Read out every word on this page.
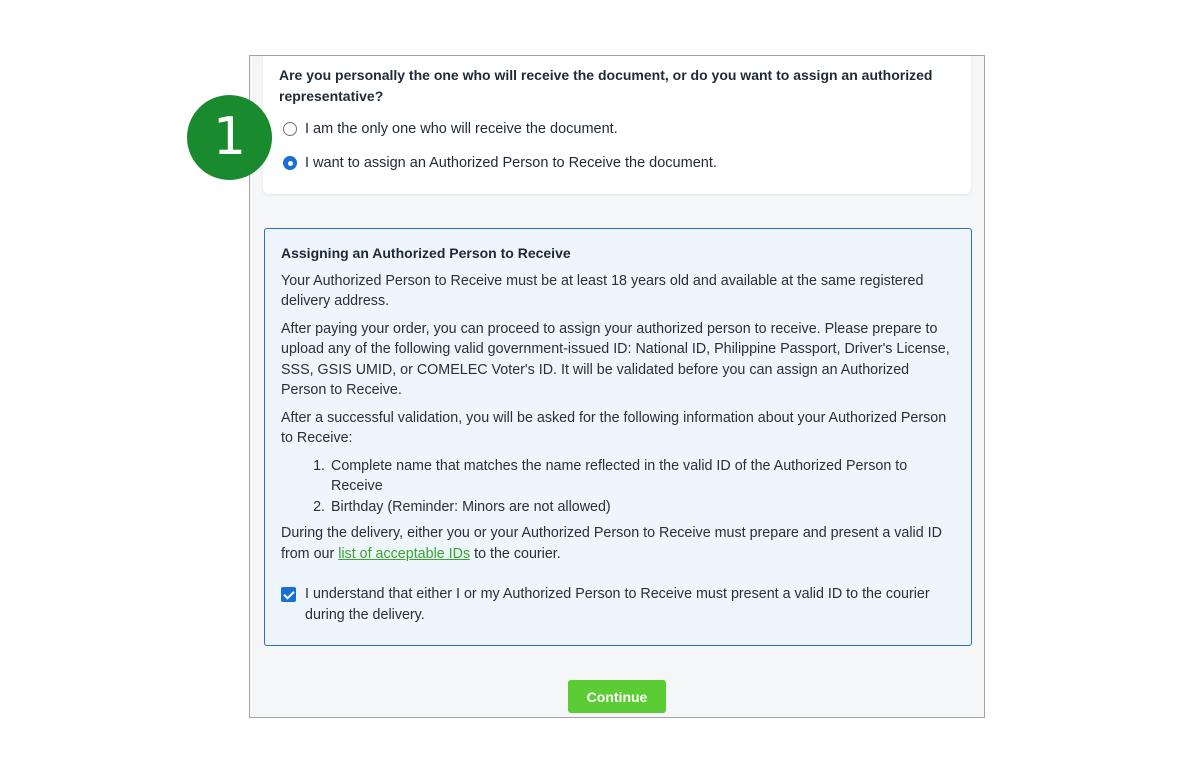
Are you personally the one who will receive the document, or do you want to assign an authorized representative?

I am the only one who will receive the document.
I want to assign an Authorized Person to Receive the document.

Assigning an Authorized Person to Receive

Your Authorized Person to Receive must be at least 18 years old and available at the same registered delivery address.

After paying your order, you can proceed to assign your authorized person to receive. Please prepare to upload any of the following valid government-issued ID: National ID, Philippine Passport, Driver's License, SSS, GSIS UMID, or COMELEC Voter's ID. It will be validated before you can assign an Authorized Person to Receive.

After a successful validation, you will be asked for the following information about your Authorized Person to Receive:

1. Complete name that matches the name reflected in the valid ID of the Authorized Person to Receive
2. Birthday (Reminder: Minors are not allowed)

During the delivery, either you or your Authorized Person to Receive must prepare and present a valid ID from our list of acceptable IDs to the courier.

I understand that either I or my Authorized Person to Receive must present a valid ID to the courier during the delivery.
Continue
1
